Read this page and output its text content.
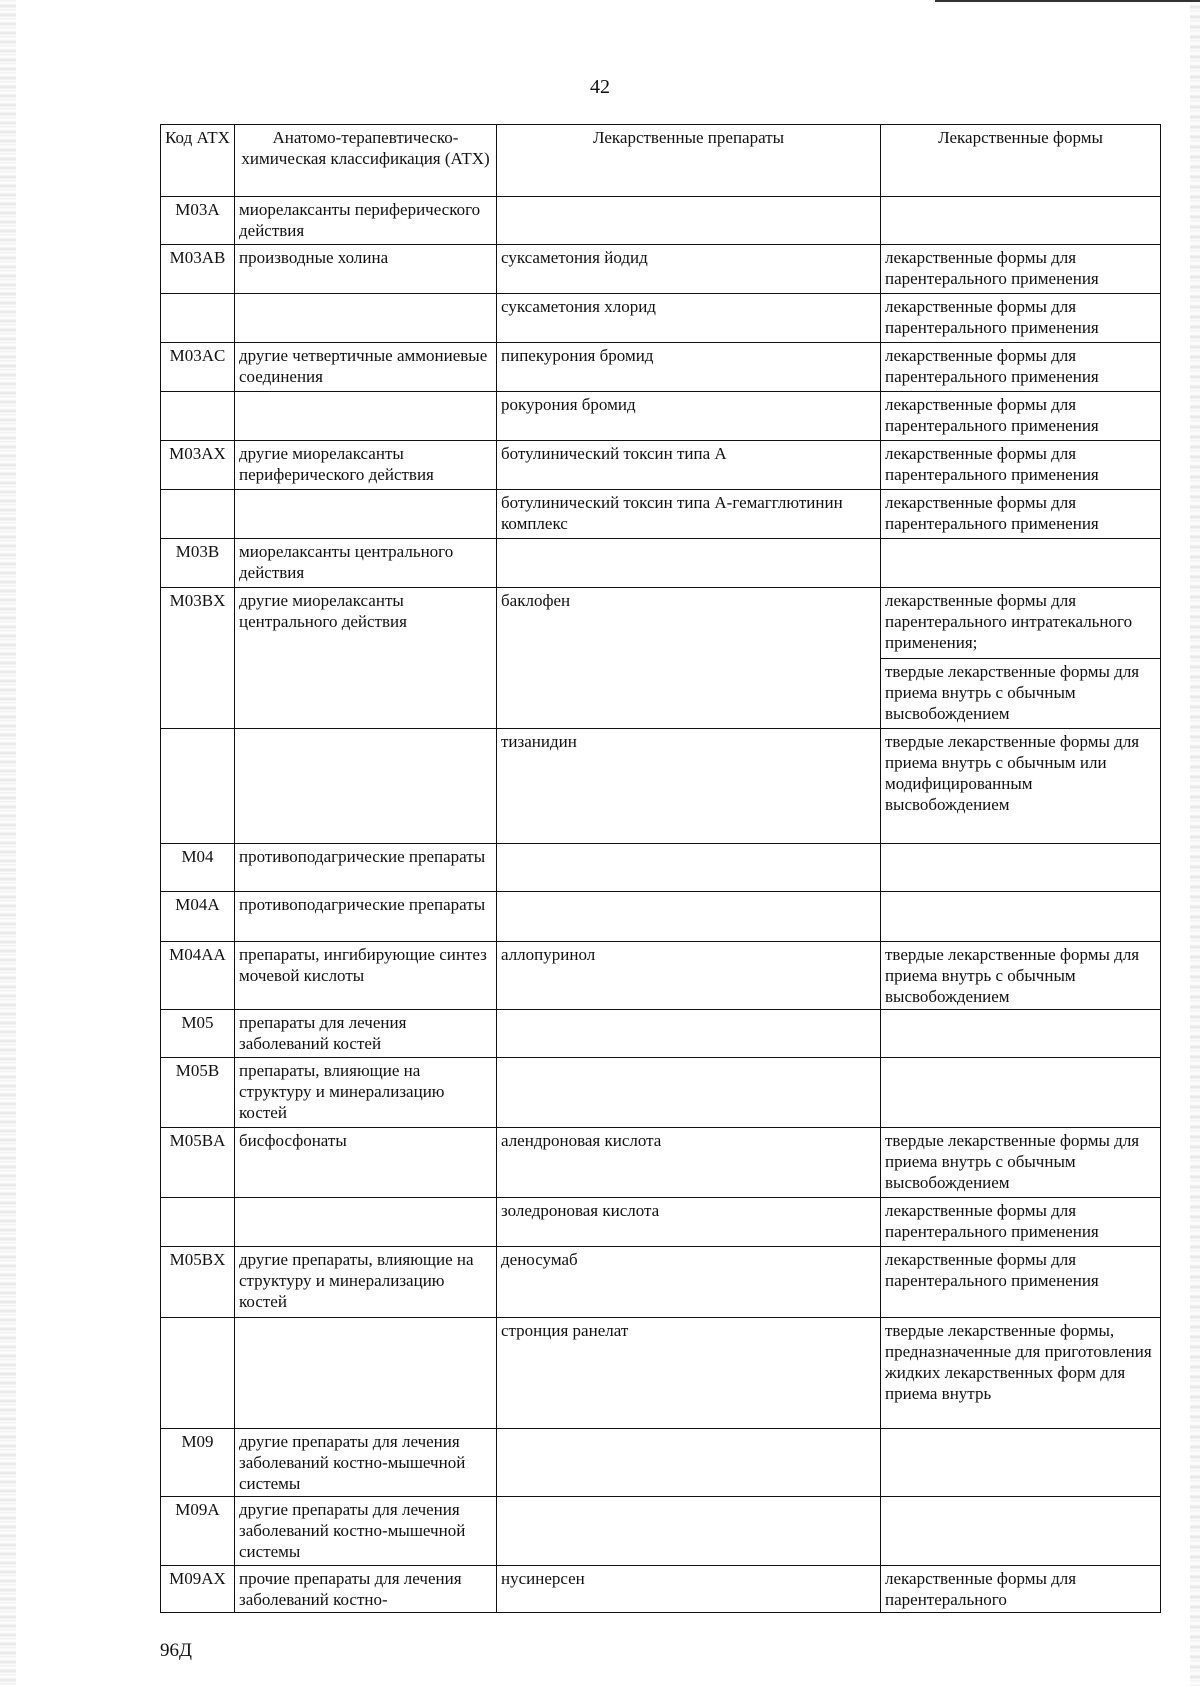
42
Код АТХ	Анатомо-терапевтическо-химическая классификация (АТХ)	Лекарственные препараты	Лекарственные формы
M03A	миорелаксанты периферического действия		
M03AB	производные холина	суксаметония йодид	лекарственные формы для парентерального применения
		суксаметония хлорид	лекарственные формы для парентерального применения
M03AC	другие четвертичные аммониевые соединения	пипекурония бромид	лекарственные формы для парентерального применения
		рокурония бромид	лекарственные формы для парентерального применения
M03AX	другие миорелаксанты периферического действия	ботулинический токсин типа A	лекарственные формы для парентерального применения
		ботулинический токсин типа A-гемагглютинин комплекс	лекарственные формы для парентерального применения
M03B	миорелаксанты центрального действия		
M03BX	другие миорелаксанты центрального действия	баклофен	лекарственные формы для парентерального интратекального применения;
			твердые лекарственные формы для приема внутрь с обычным высвобождением
		тизанидин	твердые лекарственные формы для приема внутрь с обычным или модифицированным высвобождением
M04	противоподагрические препараты		
M04A	противоподагрические препараты		
M04AA	препараты, ингибирующие синтез мочевой кислоты	аллопуринол	твердые лекарственные формы для приема внутрь с обычным высвобождением
M05	препараты для лечения заболеваний костей		
M05B	препараты, влияющие на структуру и минерализацию костей		
M05BA	бисфосфонаты	алендроновая кислота	твердые лекарственные формы для приема внутрь с обычным высвобождением
		золедроновая кислота	лекарственные формы для парентерального применения
M05BX	другие препараты, влияющие на структуру и минерализацию костей	деносумаб	лекарственные формы для парентерального применения
		стронция ранелат	твердые лекарственные формы, предназначенные для приготовления жидких лекарственных форм для приема внутрь
M09	другие препараты для лечения заболеваний костно-мышечной системы		
M09A	другие препараты для лечения заболеваний костно-мышечной системы		
M09AX	прочие препараты для лечения заболеваний костно-	нусинерсен	лекарственные формы для парентерального
96Д
